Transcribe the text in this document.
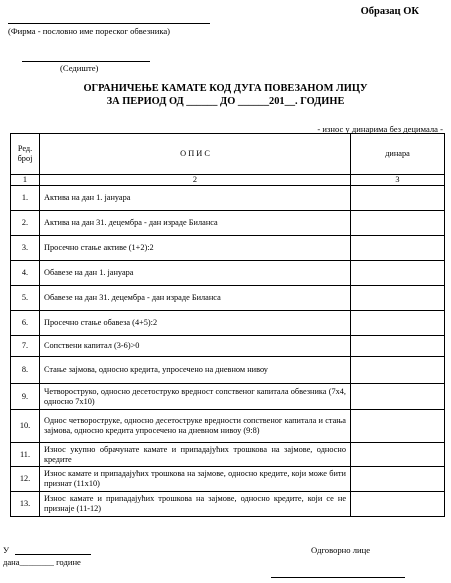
Образац ОК
(Фирма - пословно име пореског обвезника)
(Седиште)
ОГРАНИЧЕЊЕ КАМАТЕ КОД ДУГА ПОВЕЗАНОМ ЛИЦУ
ЗА ПЕРИОД ОД ______ ДО ______201__. ГОДИНЕ
- износ у динарима без децимала -
Ред. број	О П И С	динара
1	2	3
1.	Актива на дан 1. јануара	
2.	Актива на дан 31. децембра - дан израде Биланса	
3.	Просечно стање активе (1+2):2	
4.	Обавезе на дан 1. јануара	
5.	Обавезе на дан 31. децембра - дан израде Биланса	
6.	Просечно стање обавеза (4+5):2	
7.	Сопствени капитал (3-6)>0	
8.	Стање зајмова, односно кредита, упросечено на дневном нивоу	
9.	Четвороструко, односно десетоструко вредност сопственог капитала обвезника (7x4, односно 7x10)	
10.	Однос четвороструке, односно десетоструке вредности сопственог капитала и стања зајмова, односно кредита упросечено на дневном нивоу (9:8)	
11.	Износ укупно обрачунате камате и припадајућих трошкова на зајмове, односно кредите	
12.	Износ камате и припадајућих трошкова на зајмове, односно кредите, који може бити признат (11x10)	
13.	Износ камате и припадајућих трошкова на зајмове, односно кредите, који се не признаје (11-12)	
У
дана________ године
Одговорно лице
